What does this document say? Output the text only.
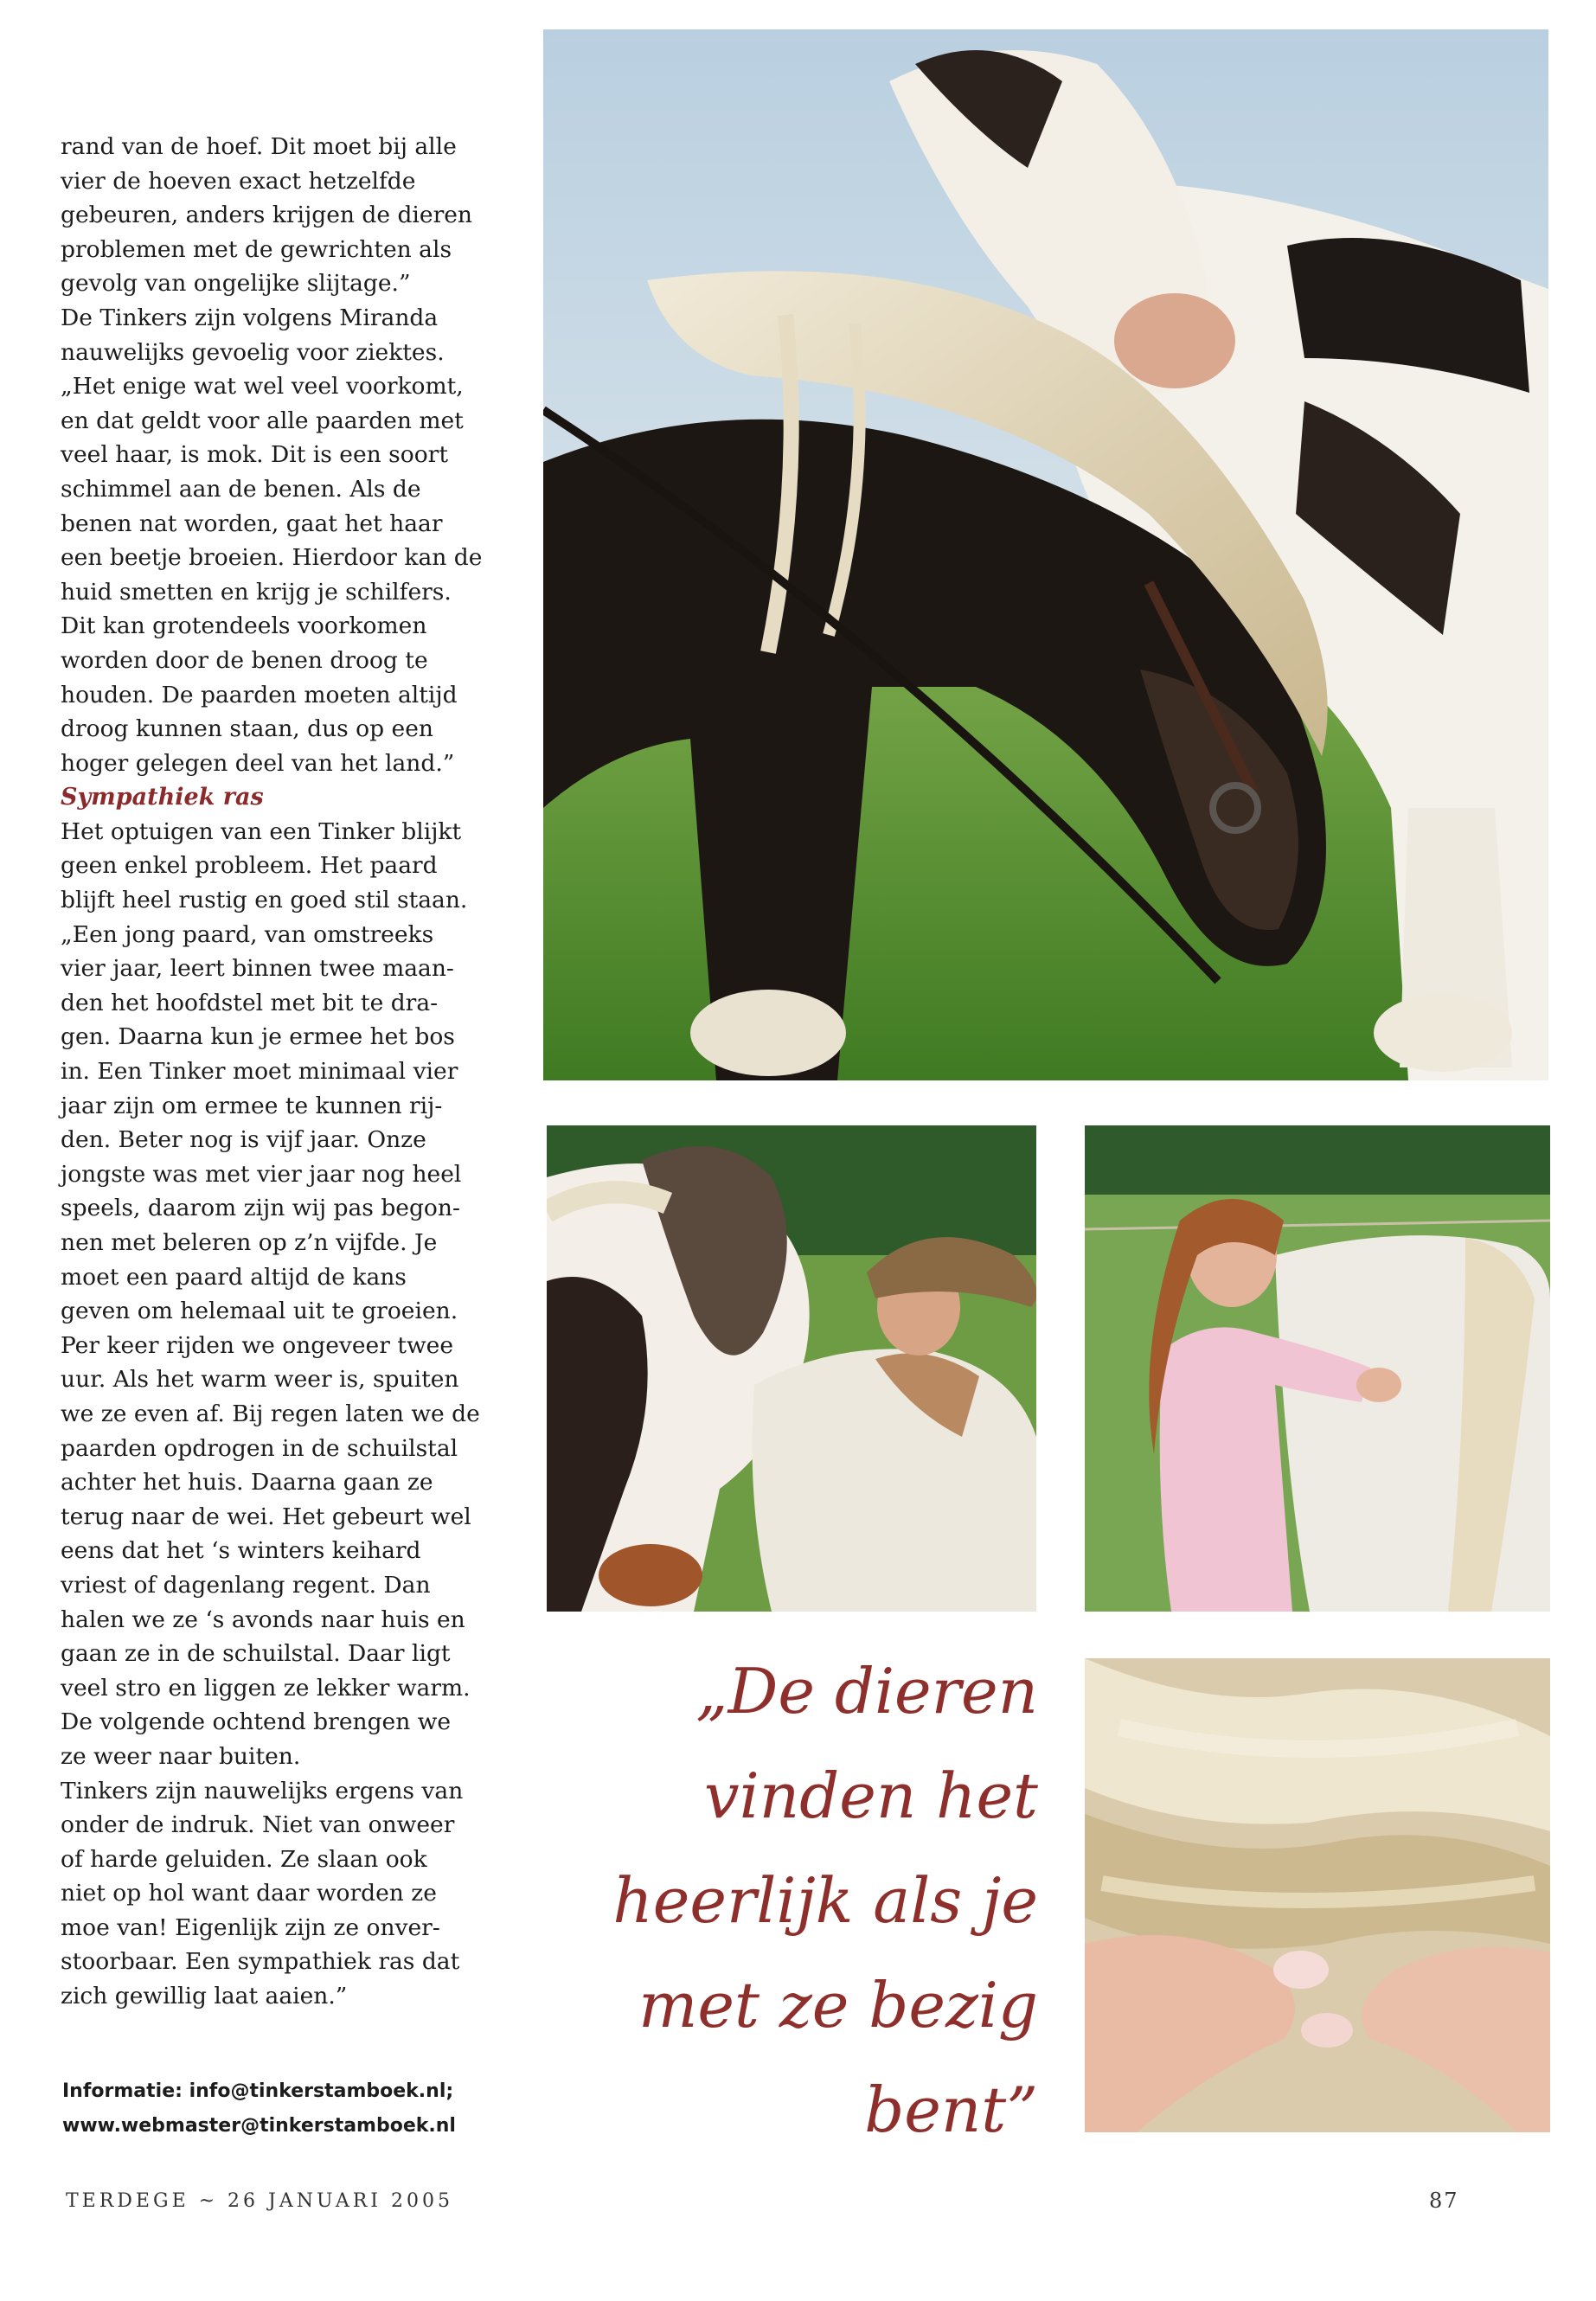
rand van de hoef. Dit moet bij alle
vier de hoeven exact hetzelfde
gebeuren, anders krijgen de dieren
problemen met de gewrichten als
gevolg van ongelijke slijtage.”
De Tinkers zijn volgens Miranda
nauwelijks gevoelig voor ziektes.
„Het enige wat wel veel voorkomt,
en dat geldt voor alle paarden met
veel haar, is mok. Dit is een soort
schimmel aan de benen. Als de
benen nat worden, gaat het haar
een beetje broeien. Hierdoor kan de
huid smetten en krijg je schilfers.
Dit kan grotendeels voorkomen
worden door de benen droog te
houden. De paarden moeten altijd
droog kunnen staan, dus op een
hoger gelegen deel van het land.”

Sympathiek ras

Het optuigen van een Tinker blijkt
geen enkel probleem. Het paard
blijft heel rustig en goed stil staan.
„Een jong paard, van omstreeks
vier jaar, leert binnen twee maan-
den het hoofdstel met bit te dra-
gen. Daarna kun je ermee het bos
in. Een Tinker moet minimaal vier
jaar zijn om ermee te kunnen rij-
den. Beter nog is vijf jaar. Onze
jongste was met vier jaar nog heel
speels, daarom zijn wij pas begon-
nen met beleren op z’n vijfde. Je
moet een paard altijd de kans
geven om helemaal uit te groeien.
Per keer rijden we ongeveer twee
uur. Als het warm weer is, spuiten
we ze even af. Bij regen laten we de
paarden opdrogen in de schuilstal
achter het huis. Daarna gaan ze
terug naar de wei. Het gebeurt wel
eens dat het ‘s winters keihard
vriest of dagenlang regent. Dan
halen we ze ‘s avonds naar huis en
gaan ze in de schuilstal. Daar ligt
veel stro en liggen ze lekker warm.
De volgende ochtend brengen we
ze weer naar buiten.
Tinkers zijn nauwelijks ergens van
onder de indruk. Niet van onweer
of harde geluiden. Ze slaan ook
niet op hol want daar worden ze
moe van! Eigenlijk zijn ze onver-
stoorbaar. Een sympathiek ras dat
zich gewillig laat aaien.”
Informatie: info@tinkerstamboek.nl;
www.webmaster@tinkerstamboek.nl
„De dieren
vinden het
heerlijk als je
met ze bezig
bent”
TERDEGE ~ 26 JANUARI 2005	87
